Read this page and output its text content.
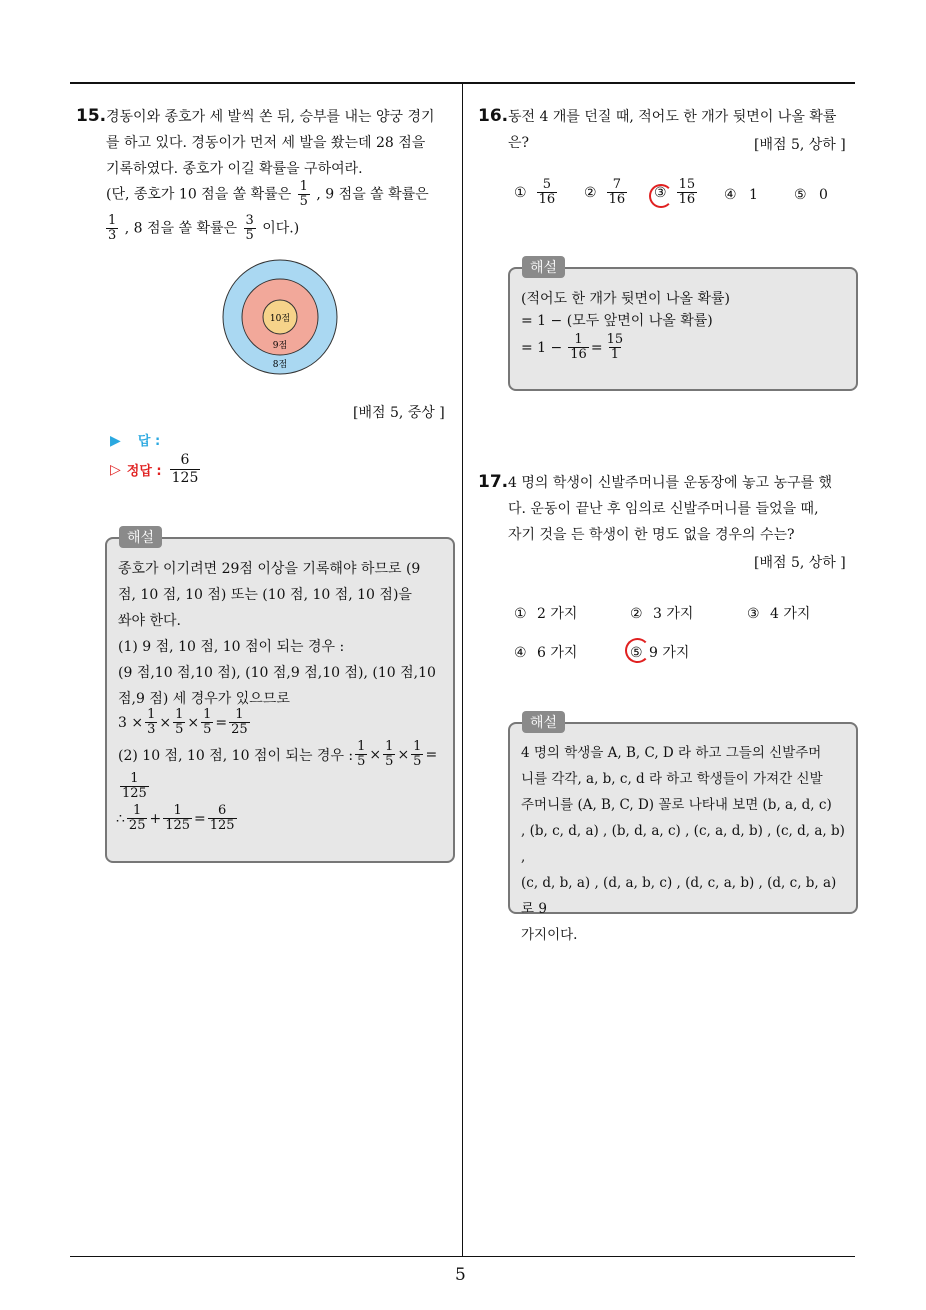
5
15. 경동이와 종호가 세 발씩 쏜 뒤, 승부를 내는 양궁 경기
를 하고 있다. 경동이가 먼저 세 발을 쐈는데 28 점을
기록하였다. 종호가 이길 확률을 구하여라.
(단, 종호가 10 점을 쏠 확률은 $\frac{1}{5}$ , 9 점을 쏠 확률은
$\frac{1}{3}$ , 8 점을 쏠 확률은 $\frac{3}{5}$ 이다.)
10점
9점
8점
[배점 5, 중상 ]
▶ 답 :
▷ 정답 : $\frac{6}{125}$
해설
종호가 이기려면 29점 이상을 기록해야 하므로 (9
점, 10 점, 10 점) 또는 (10 점, 10 점, 10 점)을
쏴야 한다.
(1) 9 점, 10 점, 10 점이 되는 경우 :
(9 점,10 점,10 점), (10 점,9 점,10 점), (10 점,10
점,9 점) 세 경우가 있으므로
$3 \times \frac{1}{3} \times \frac{1}{5} \times \frac{1}{5} = \frac{1}{25}$
(2) 10 점, 10 점, 10 점이 되는 경우 : $\frac{1}{5} \times \frac{1}{5} \times \frac{1}{5}$ =
$\frac{1}{125}$
∴ $\frac{1}{25} + \frac{1}{125} = \frac{6}{125}$
16. 동전 4 개를 던질 때, 적어도 한 개가 뒷면이 나올 확률
은?	[배점 5, 상하 ]
① $\frac{5}{16}$ ② $\frac{7}{16}$ ③ $\frac{15}{16}$ ④ 1	⑤ 0
해설
(적어도 한 개가 뒷면이 나올 확률)
= 1 − (모두 앞면이 나올 확률)
= $1 - \frac{1}{16} = \frac{15}{1}$
17. 4 명의 학생이 신발주머니를 운동장에 놓고 농구를 했
다. 운동이 끝난 후 임의로 신발주머니를 들었을 때,
자기 것을 든 학생이 한 명도 없을 경우의 수는?
[배점 5, 상하 ]
① 2 가지	② 3 가지	③ 4 가지
④ 6 가지	⑤ 9 가지
해설
4 명의 학생을 A, B, C, D 라 하고 그들의 신발주머
니를 각각, a, b, c, d 라 하고 학생들이 가져간 신발
주머니를 (A, B, C, D) 꼴로 나타내 보면 (b, a, d, c)
, (b, c, d, a) , (b, d, a, c) , (c, a, d, b) , (c, d, a, b) ,
(c, d, b, a) , (d, a, b, c) , (d, c, a, b) , (d, c, b, a) 로 9
가지이다.
